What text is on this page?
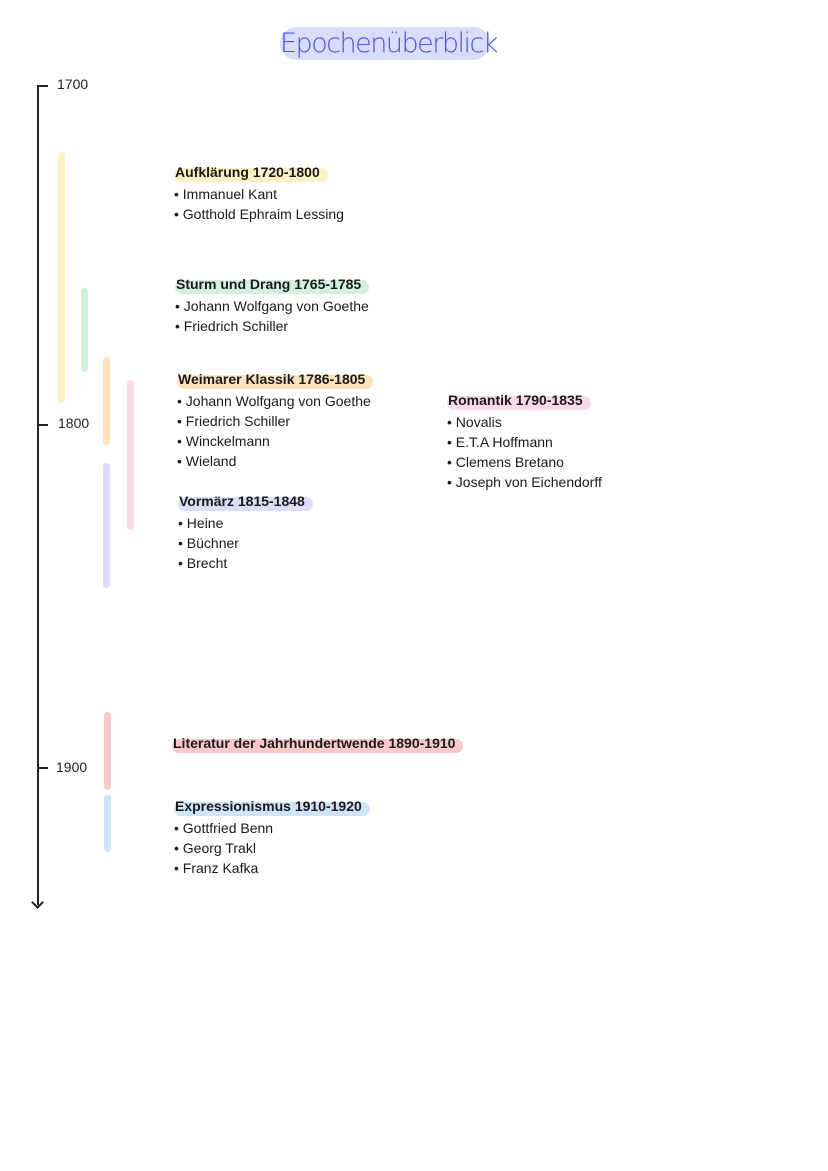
Epochenüberblick
1700
1800
1900
Aufklärung 1720-1800
• Immanuel Kant
• Gotthold Ephraim Lessing
Sturm und Drang 1765-1785
• Johann Wolfgang von Goethe
• Friedrich Schiller
Weimarer Klassik 1786-1805
• Johann Wolfgang von Goethe
• Friedrich Schiller
• Winckelmann
• Wieland
Romantik 1790-1835
• Novalis
• E.T.A Hoffmann
• Clemens Bretano
• Joseph von Eichendorff
Vormärz 1815-1848
• Heine
• Büchner
• Brecht
Literatur der Jahrhundertwende 1890-1910
Expressionismus 1910-1920
• Gottfried Benn
• Georg Trakl
• Franz Kafka
